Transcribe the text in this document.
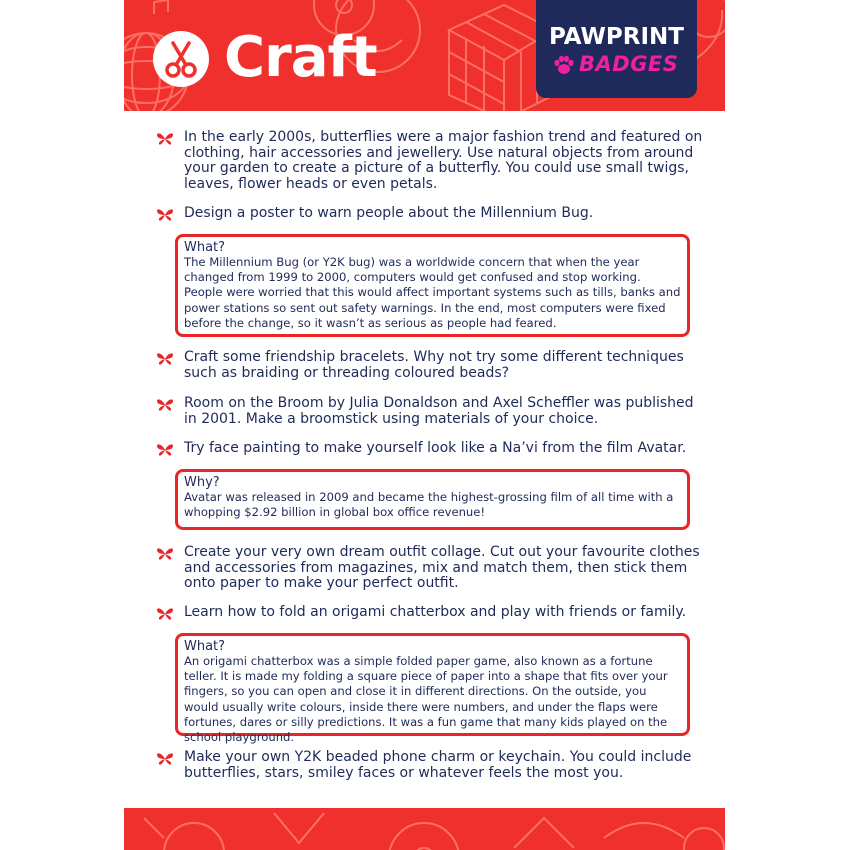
Craft	PAWPRINT
BADGES
In the early 2000s, butterflies were a major fashion trend and featured on clothing, hair accessories and jewellery. Use natural objects from around your garden to create a picture of a butterfly. You could use small twigs, leaves, flower heads or even petals.
Design a poster to warn people about the Millennium Bug.
What?
The Millennium Bug (or Y2K bug) was a worldwide concern that when the year changed from 1999 to 2000, computers would get confused and stop working. People were worried that this would affect important systems such as tills, banks and power stations so sent out safety warnings. In the end, most computers were fixed before the change, so it wasn’t as serious as people had feared.
Craft some friendship bracelets. Why not try some different techniques such as braiding or threading coloured beads?
Room on the Broom by Julia Donaldson and Axel Scheffler was published in 2001. Make a broomstick using materials of your choice.
Try face painting to make yourself look like a Na’vi from the film Avatar.
Why?
Avatar was released in 2009 and became the highest-grossing film of all time with a whopping $2.92 billion in global box office revenue!
Create your very own dream outfit collage. Cut out your favourite clothes and accessories from magazines, mix and match them, then stick them onto paper to make your perfect outfit.
Learn how to fold an origami chatterbox and play with friends or family.
What?
An origami chatterbox was a simple folded paper game, also known as a fortune teller. It is made my folding a square piece of paper into a shape that fits over your fingers, so you can open and close it in different directions. On the outside, you would usually write colours, inside there were numbers, and under the flaps were fortunes, dares or silly predictions. It was a fun game that many kids played on the school playground.
Make your own Y2K beaded phone charm or keychain. You could include butterflies, stars, smiley faces or whatever feels the most you.
